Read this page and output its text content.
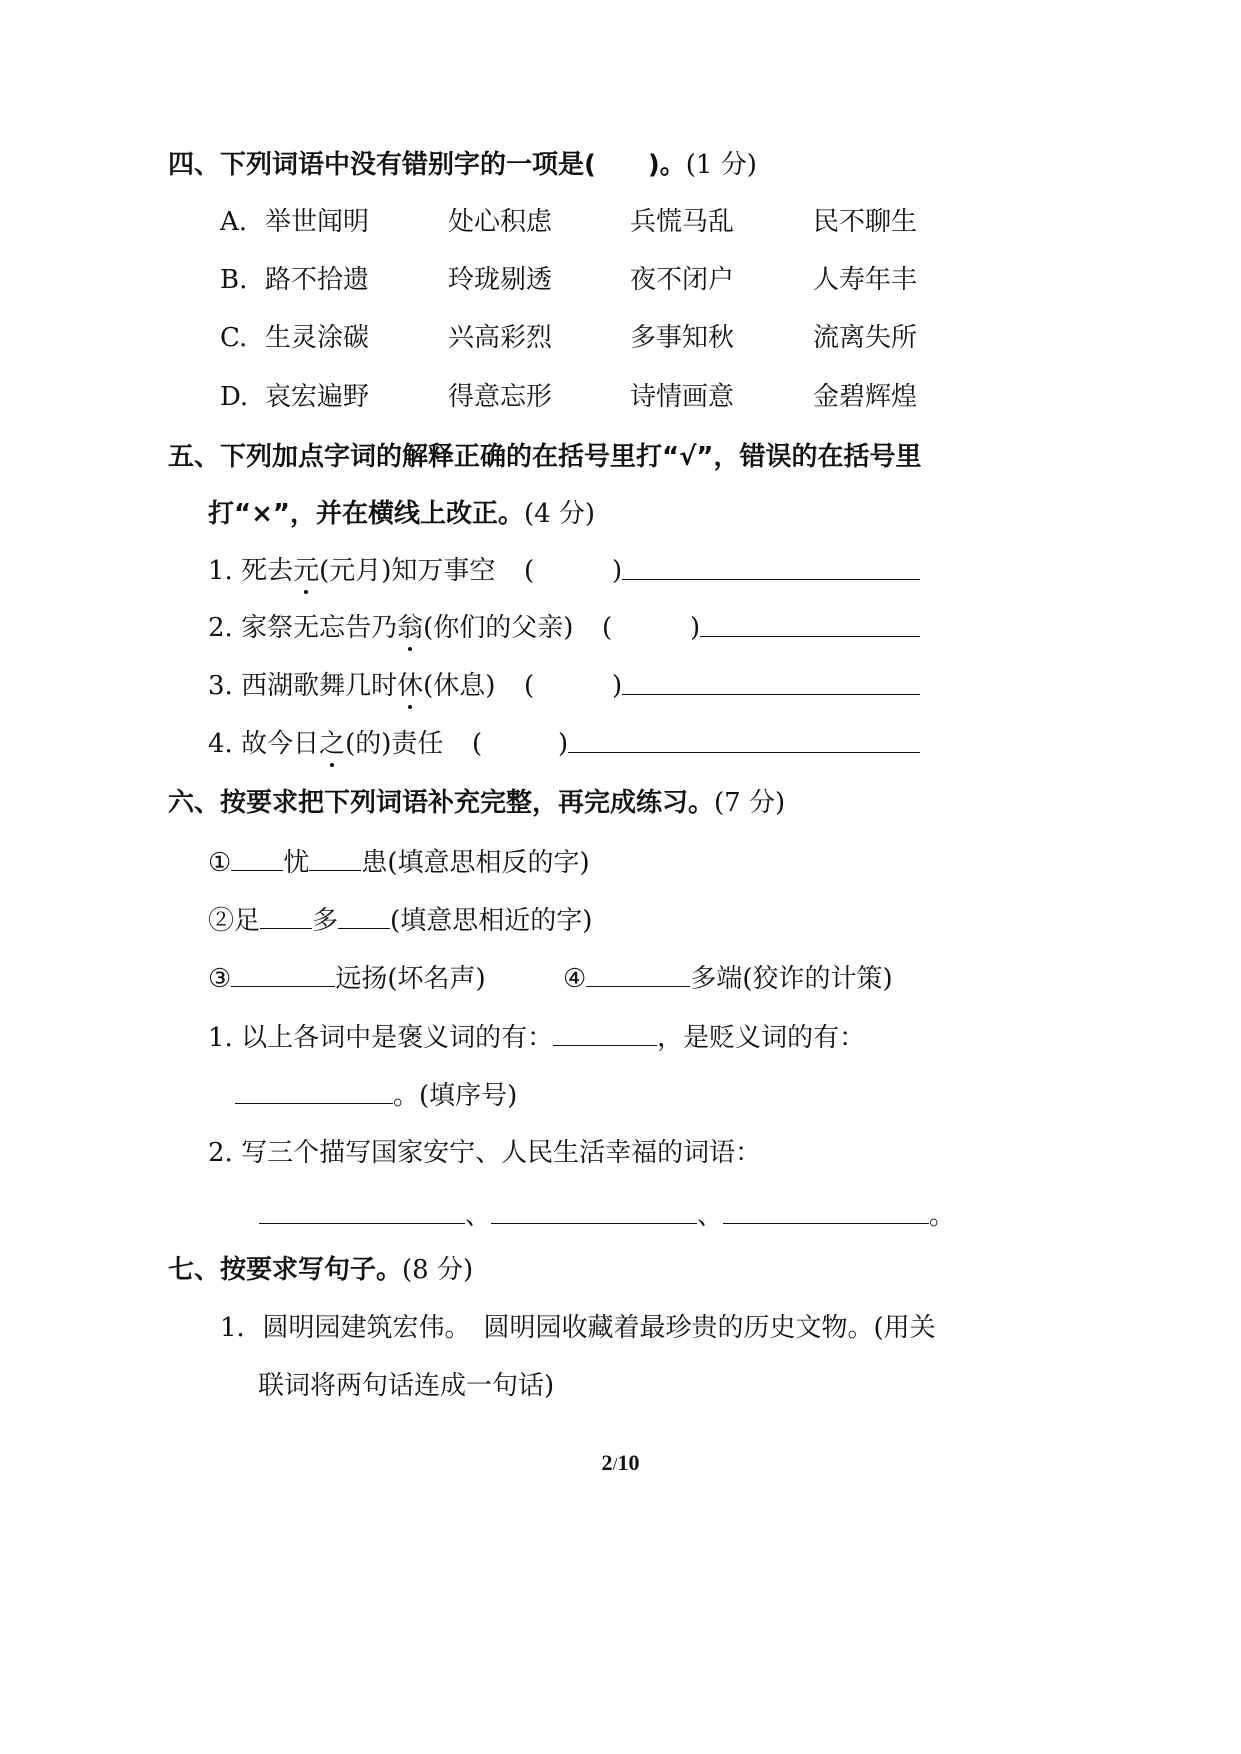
四、下列词语中没有错别字的一项是(　　)。(1 分)
A. 举世闻明	处心积虑	兵慌马乱	民不聊生
B. 路不拾遗	玲珑剔透	夜不闭户	人寿年丰
C. 生灵涂碳	兴高彩烈	多事知秋	流离失所
D. 哀宏遍野	得意忘形	诗情画意	金碧辉煌
五、下列加点字词的解释正确的在括号里打“√”，错误的在括号里
打“×”，并在横线上改正。(4 分)
1. 死去元(元月)知万事空 (	)
2. 家祭无忘告乃翁(你们的父亲) (	)
3. 西湖歌舞几时休(休息) (	)
4. 故今日之(的)责任 (	)
六、按要求把下列词语补充完整，再完成练习。(7 分)
① 忧 患(填意思相反的字)
②足 多 (填意思相近的字)
③	远扬(坏名声)	④	多端(狡诈的计策)
1. 以上各词中是褒义词的有：	，是贬义词的有：
。(填序号)
2. 写三个描写国家安宁、人民生活幸福的词语：
、	、	。
七、按要求写句子。(8 分)
1．圆明园建筑宏伟。　圆明园收藏着最珍贵的历史文物。(用关
联词将两句话连成一句话)
2/10
